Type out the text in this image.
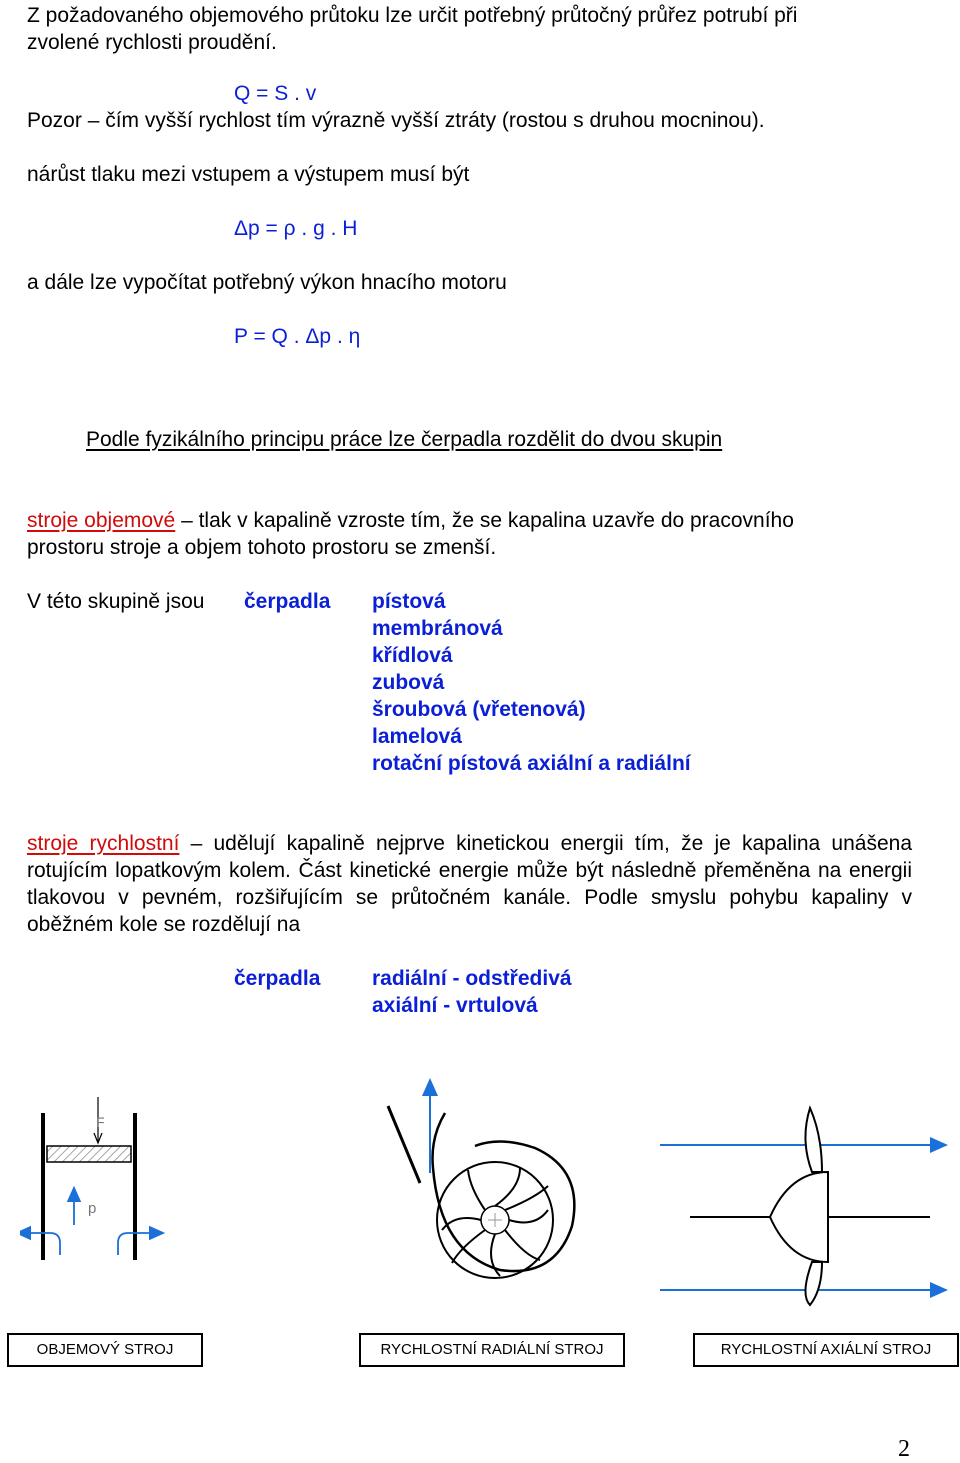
Z požadovaného objemového průtoku lze určit potřebný průtočný průřez potrubí při
zvolené rychlosti proudění.
Q = S . v
Pozor – čím vyšší rychlost tím výrazně vyšší ztráty (rostou s druhou mocninou).
nárůst tlaku mezi vstupem a výstupem musí být
Δp = ρ . g . H
a dále lze vypočítat potřebný výkon hnacího motoru
P = Q . Δp . η
Podle fyzikálního principu práce lze čerpadla rozdělit do dvou skupin
stroje objemové – tlak v kapalině vzroste tím, že se kapalina uzavře do pracovního
prostoru stroje a objem tohoto prostoru se zmenší.
V této skupině jsou čerpadla pístová
membránová
křídlová
zubová
šroubová (vřetenová)
lamelová
rotační pístová axiální a radiální
stroje rychlostní – udělují kapalině nejprve kinetickou energii tím, že je kapalina unášena rotujícím lopatkovým kolem. Část kinetické energie může být následně přeměněna na energii tlakovou v pevném, rozšiřujícím se průtočném kanále. Podle smyslu pohybu kapaliny v oběžném kole se rozdělují na
čerpadla radiální - odstředivá
axiální - vrtulová
F
p
OBJEMOVÝ STROJ	RYCHLOSTNÍ RADIÁLNÍ STROJ	RYCHLOSTNÍ AXIÁLNÍ STROJ
2
